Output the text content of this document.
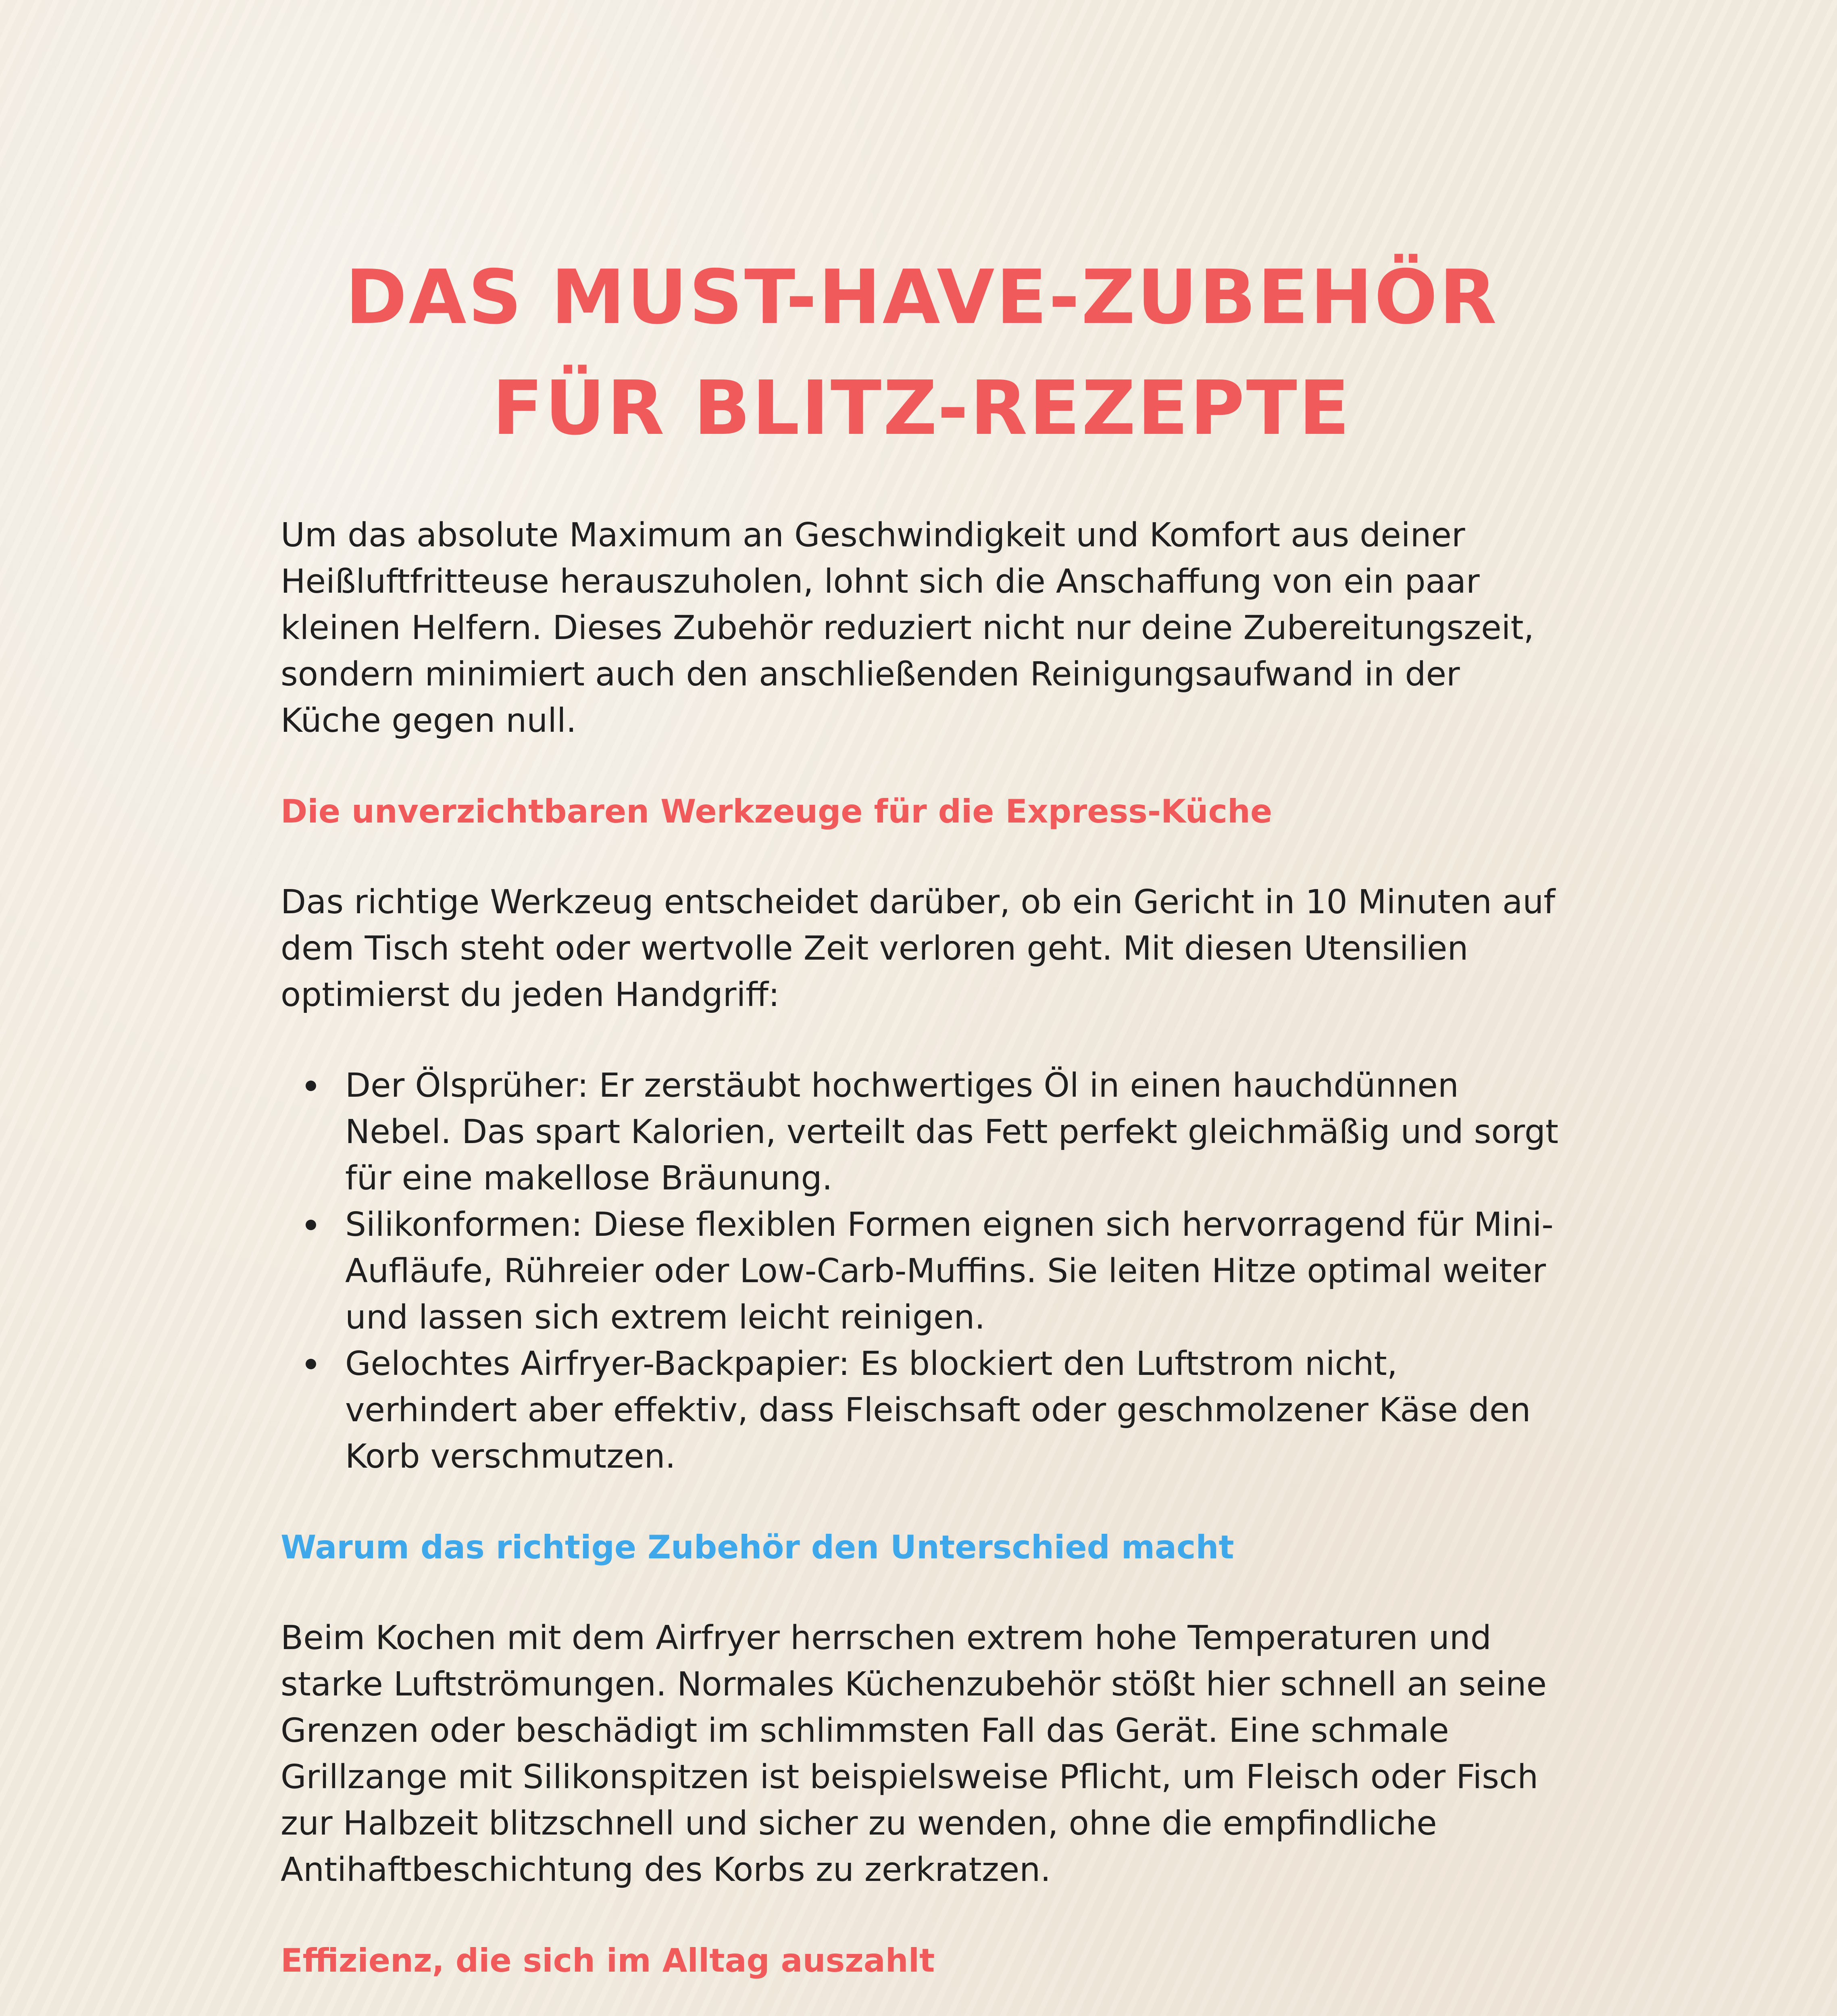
DAS MUST-HAVE-ZUBEHÖR
FÜR BLITZ-REZEPTE

Um das absolute Maximum an Geschwindigkeit und Komfort aus deiner Heißluftfritteuse herauszuholen, lohnt sich die Anschaffung von ein paar kleinen Helfern. Dieses Zubehör reduziert nicht nur deine Zubereitungszeit, sondern minimiert auch den anschließenden Reinigungsaufwand in der Küche gegen null.

Die unverzichtbaren Werkzeuge für die Express-Küche

Das richtige Werkzeug entscheidet darüber, ob ein Gericht in 10 Minuten auf dem Tisch steht oder wertvolle Zeit verloren geht. Mit diesen Utensilien optimierst du jeden Handgriff:

Der Ölsprüher: Er zerstäubt hochwertiges Öl in einen hauchdünnen Nebel. Das spart Kalorien, verteilt das Fett perfekt gleichmäßig und sorgt für eine makellose Bräunung.
Silikonformen: Diese flexiblen Formen eignen sich hervorragend für Mini-Aufläufe, Rühreier oder Low-Carb-Muffins. Sie leiten Hitze optimal weiter und lassen sich extrem leicht reinigen.
Gelochtes Airfryer-Backpapier: Es blockiert den Luftstrom nicht, verhindert aber effektiv, dass Fleischsaft oder geschmolzener Käse den Korb verschmutzen.
Warum das richtige Zubehör den Unterschied macht

Beim Kochen mit dem Airfryer herrschen extrem hohe Temperaturen und starke Luftströmungen. Normales Küchenzubehör stößt hier schnell an seine Grenzen oder beschädigt im schlimmsten Fall das Gerät. Eine schmale Grillzange mit Silikonspitzen ist beispielsweise Pflicht, um Fleisch oder Fisch zur Halbzeit blitzschnell und sicher zu wenden, ohne die empfindliche Antihaftbeschichtung des Korbs zu zerkratzen.

Effizienz, die sich im Alltag auszahlt
